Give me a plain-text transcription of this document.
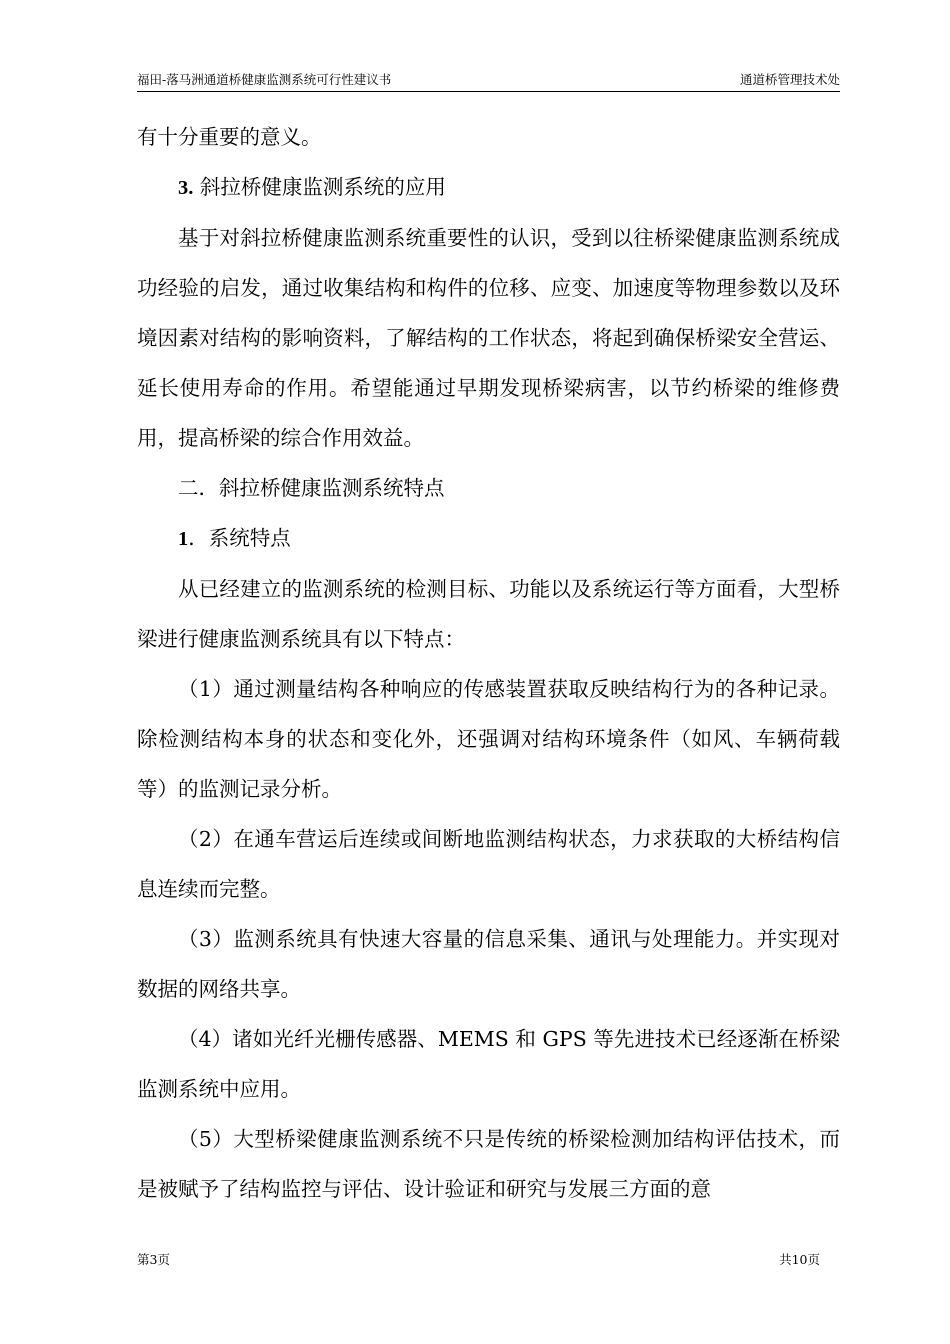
福田-落马洲通道桥健康监测系统可行性建议书	通道桥管理技术处

有十分重要的意义。

3. 斜拉桥健康监测系统的应用

基于对斜拉桥健康监测系统重要性的认识，受到以往桥梁健康监测系统成功经验的启发，通过收集结构和构件的位移、应变、加速度等物理参数以及环境因素对结构的影响资料，了解结构的工作状态，将起到确保桥梁安全营运、延长使用寿命的作用。希望能通过早期发现桥梁病害，以节约桥梁的维修费用，提高桥梁的综合作用效益。

二．斜拉桥健康监测系统特点

1．系统特点

从已经建立的监测系统的检测目标、功能以及系统运行等方面看，大型桥梁进行健康监测系统具有以下特点：

（1）通过测量结构各种响应的传感装置获取反映结构行为的各种记录。除检测结构本身的状态和变化外，还强调对结构环境条件（如风、车辆荷载等）的监测记录分析。

（2）在通车营运后连续或间断地监测结构状态，力求获取的大桥结构信息连续而完整。

（3）监测系统具有快速大容量的信息采集、通讯与处理能力。并实现对数据的网络共享。

（4）诸如光纤光栅传感器、MEMS 和 GPS 等先进技术已经逐渐在桥梁监测系统中应用。

（5）大型桥梁健康监测系统不只是传统的桥梁检测加结构评估技术，而是被赋予了结构监控与评估、设计验证和研究与发展三方面的意

第3页	共10页
